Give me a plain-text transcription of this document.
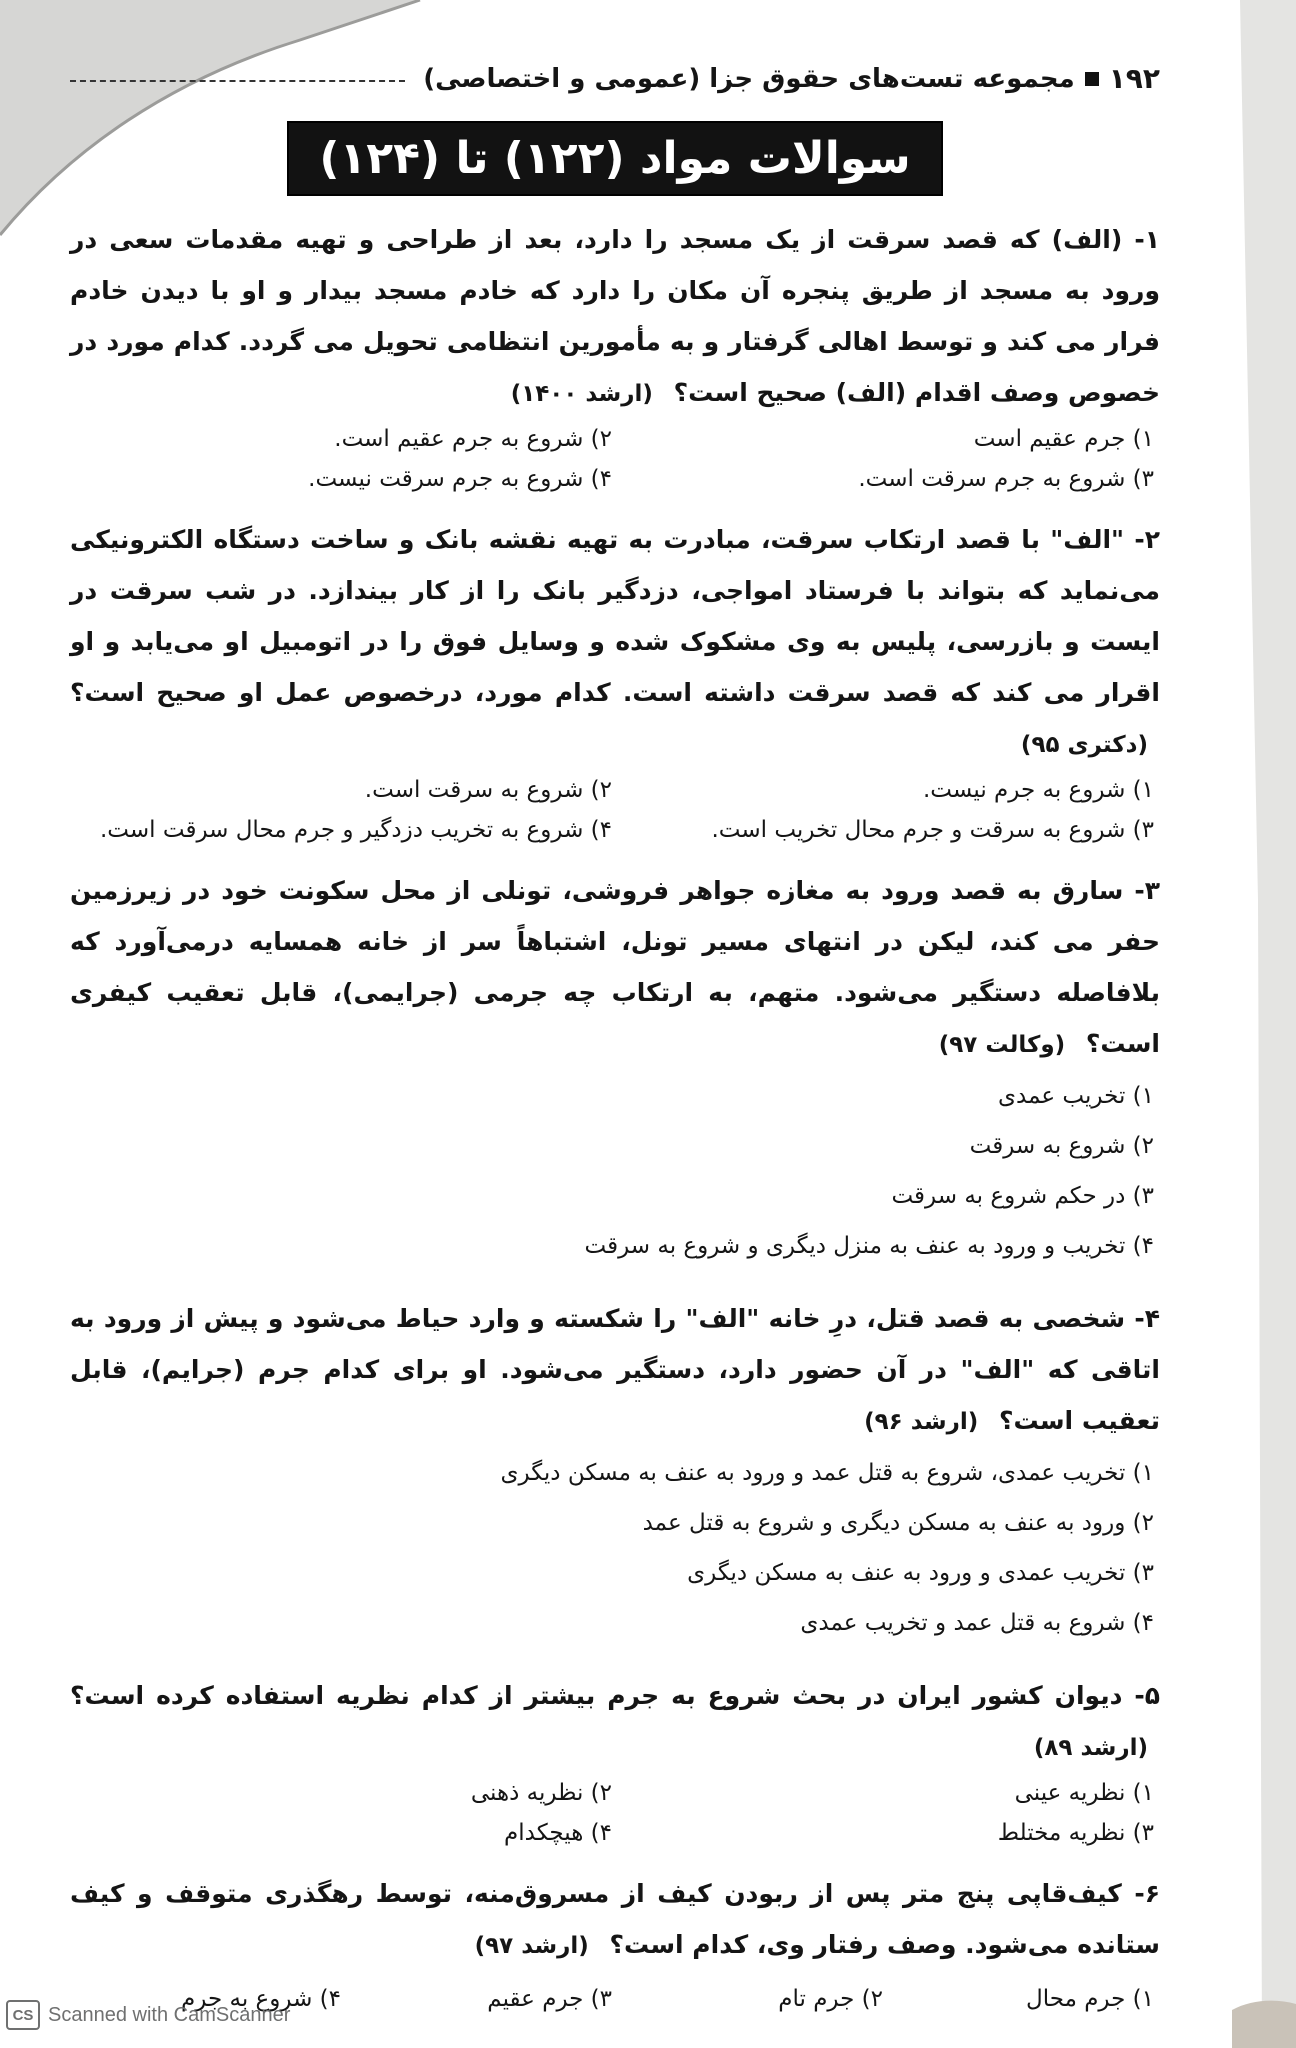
۱۹۲
مجموعه تست‌های حقوق جزا (عمومی و اختصاصی)
سوالات مواد (۱۲۲) تا (۱۲۴)
۱- (الف) که قصد سرقت از یک مسجد را دارد، بعد از طراحی و تهیه مقدمات سعی در ورود به مسجد از طریق پنجره آن مکان را دارد که خادم مسجد بیدار و او با دیدن خادم فرار می کند و توسط اهالی گرفتار و به مأمورین انتظامی تحویل می گردد. کدام مورد در خصوص وصف اقدام (الف) صحیح است؟ (ارشد ۱۴۰۰)
۱) جرم عقیم است
۲) شروع به جرم عقیم است.
۳) شروع به جرم سرقت است.
۴) شروع به جرم سرقت نیست.
۲- "الف" با قصد ارتکاب سرقت، مبادرت به تهیه نقشه بانک و ساخت دستگاه الکترونیکی می‌نماید که بتواند با فرستاد امواجی، دزدگیر بانک را از کار بیندازد. در شب سرقت در ایست و بازرسی، پلیس به وی مشکوک شده و وسایل فوق را در اتومبیل او می‌یابد و او اقرار می کند که قصد سرقت داشته است. کدام مورد، درخصوص عمل او صحیح است؟ (دکتری ۹۵)
۱) شروع به جرم نیست.
۲) شروع به سرقت است.
۳) شروع به سرقت و جرم محال تخریب است.
۴) شروع به تخریب دزدگیر و جرم محال سرقت است.
۳- سارق به قصد ورود به مغازه جواهر فروشی، تونلی از محل سکونت خود در زیرزمین حفر می کند، لیکن در انتهای مسیر تونل، اشتباهاً سر از خانه همسایه درمی‌آورد که بلافاصله دستگیر می‌شود. متهم، به ارتکاب چه جرمی (جرایمی)، قابل تعقیب کیفری است؟ (وکالت ۹۷)
۱) تخریب عمدی
۲) شروع به سرقت
۳) در حکم شروع به سرقت
۴) تخریب و ورود به عنف به منزل دیگری و شروع به سرقت
۴- شخصی به قصد قتل، درِ خانه "الف" را شکسته و وارد حیاط می‌شود و پیش از ورود به اتاقی که "الف" در آن حضور دارد، دستگیر می‌شود. او برای کدام جرم (جرایم)، قابل تعقیب است؟ (ارشد ۹۶)
۱) تخریب عمدی، شروع به قتل عمد و ورود به عنف به مسکن دیگری
۲) ورود به عنف به مسکن دیگری و شروع به قتل عمد
۳) تخریب عمدی و ورود به عنف به مسکن دیگری
۴) شروع به قتل عمد و تخریب عمدی
۵- دیوان کشور ایران در بحث شروع به جرم بیشتر از کدام نظریه استفاده کرده است؟ (ارشد ۸۹)
۱) نظریه عینی
۲) نظریه ذهنی
۳) نظریه مختلط
۴) هیچکدام
۶- کیف‌قاپی پنج متر پس از ربودن کیف از مسروق‌منه، توسط رهگذری متوقف و کیف ستانده می‌شود. وصف رفتار وی، کدام است؟ (ارشد ۹۷)
۱) جرم محال
۲) جرم تام
۳) جرم عقیم
۴) شروع به جرم
CS Scanned with CamScanner
